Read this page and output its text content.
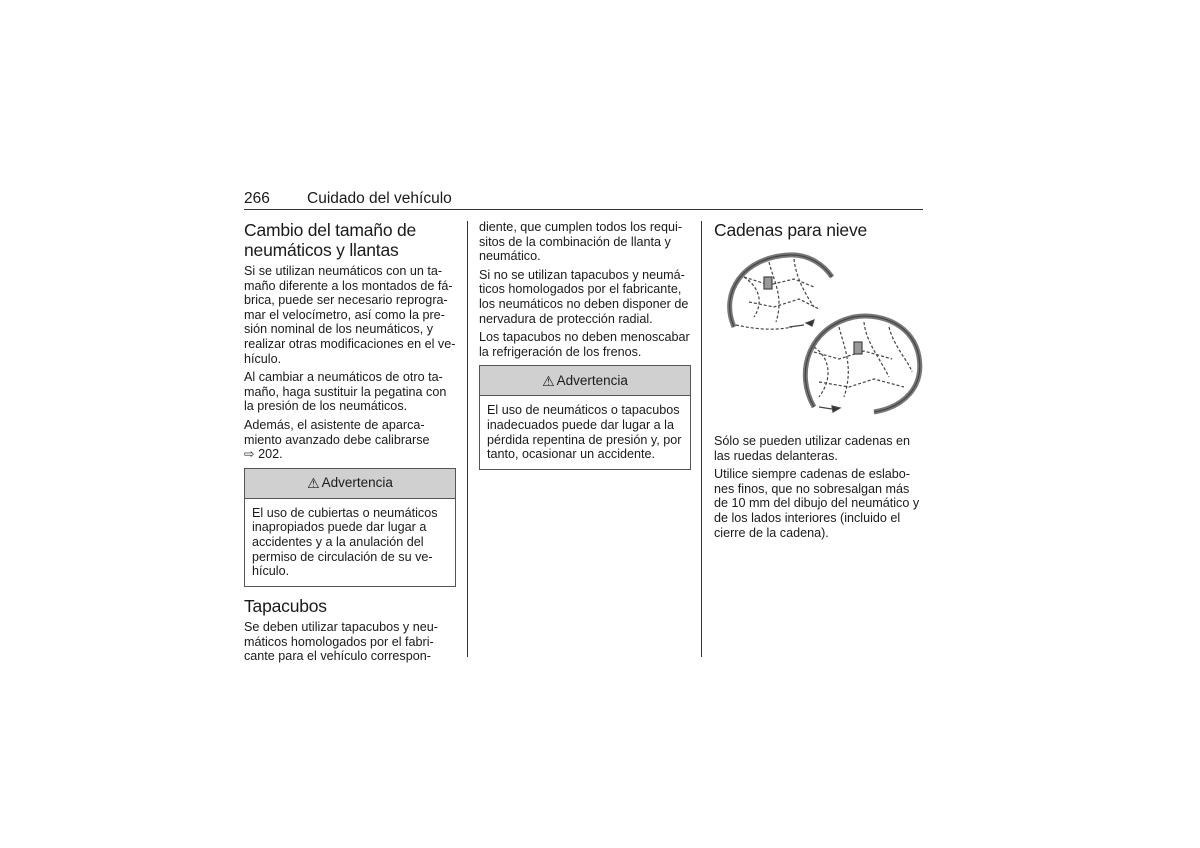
266 Cuidado del vehículo
Cambio del tamaño de neumáticos y llantas

Si se utilizan neumáticos con un ta- maño diferente a los montados de fá- brica, puede ser necesario reprogra- mar el velocímetro, así como la pre- sión nominal de los neumáticos, y realizar otras modificaciones en el ve- hículo.

Al cambiar a neumáticos de otro ta- maño, haga sustituir la pegatina con la presión de los neumáticos.

Además, el asistente de aparca- miento avanzado debe calibrarse
⇨ 202.

⚠ Advertencia
El uso de cubiertas o neumáticos inapropiados puede dar lugar a accidentes y a la anulación del permiso de circulación de su ve- hículo.
Tapacubos

Se deben utilizar tapacubos y neu- máticos homologados por el fabri- cante para el vehículo correspon-

diente, que cumplen todos los requi- sitos de la combinación de llanta y neumático.

Si no se utilizan tapacubos y neumá- ticos homologados por el fabricante, los neumáticos no deben disponer de nervadura de protección radial.

Los tapacubos no deben menoscabar la refrigeración de los frenos.

⚠ Advertencia
El uso de neumáticos o tapacubos inadecuados puede dar lugar a la pérdida repentina de presión y, por tanto, ocasionar un accidente.
Cadenas para nieve

Sólo se pueden utilizar cadenas en las ruedas delanteras.

Utilice siempre cadenas de eslabo- nes finos, que no sobresalgan más de 10 mm del dibujo del neumático y de los lados interiores (incluido el cierre de la cadena).
